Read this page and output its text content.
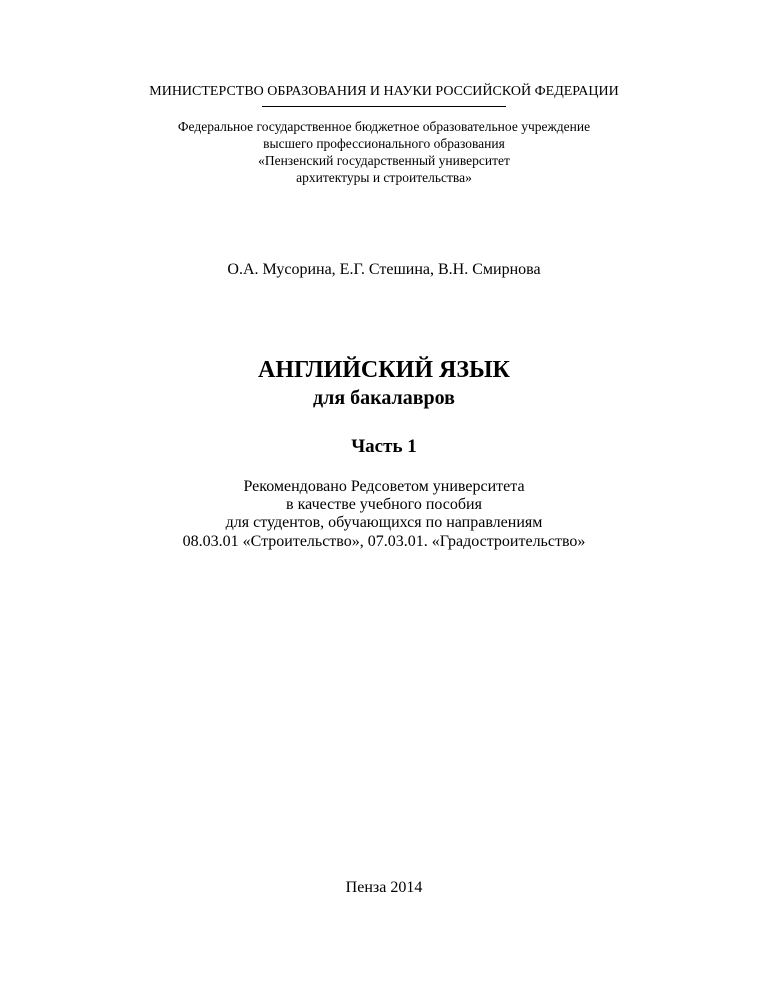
МИНИСТЕРСТВО ОБРАЗОВАНИЯ И НАУКИ РОССИЙСКОЙ ФЕДЕРАЦИИ
Федеральное государственное бюджетное образовательное учреждение
высшего профессионального образования
«Пензенский государственный университет
архитектуры и строительства»
О.А. Мусорина, Е.Г. Стешина, В.Н. Смирнова
АНГЛИЙСКИЙ ЯЗЫК
для бакалавров
Часть 1
Рекомендовано Редсоветом университета
в качестве учебного пособия
для студентов, обучающихся по направлениям
08.03.01 «Строительство», 07.03.01. «Градостроительство»
Пенза 2014
